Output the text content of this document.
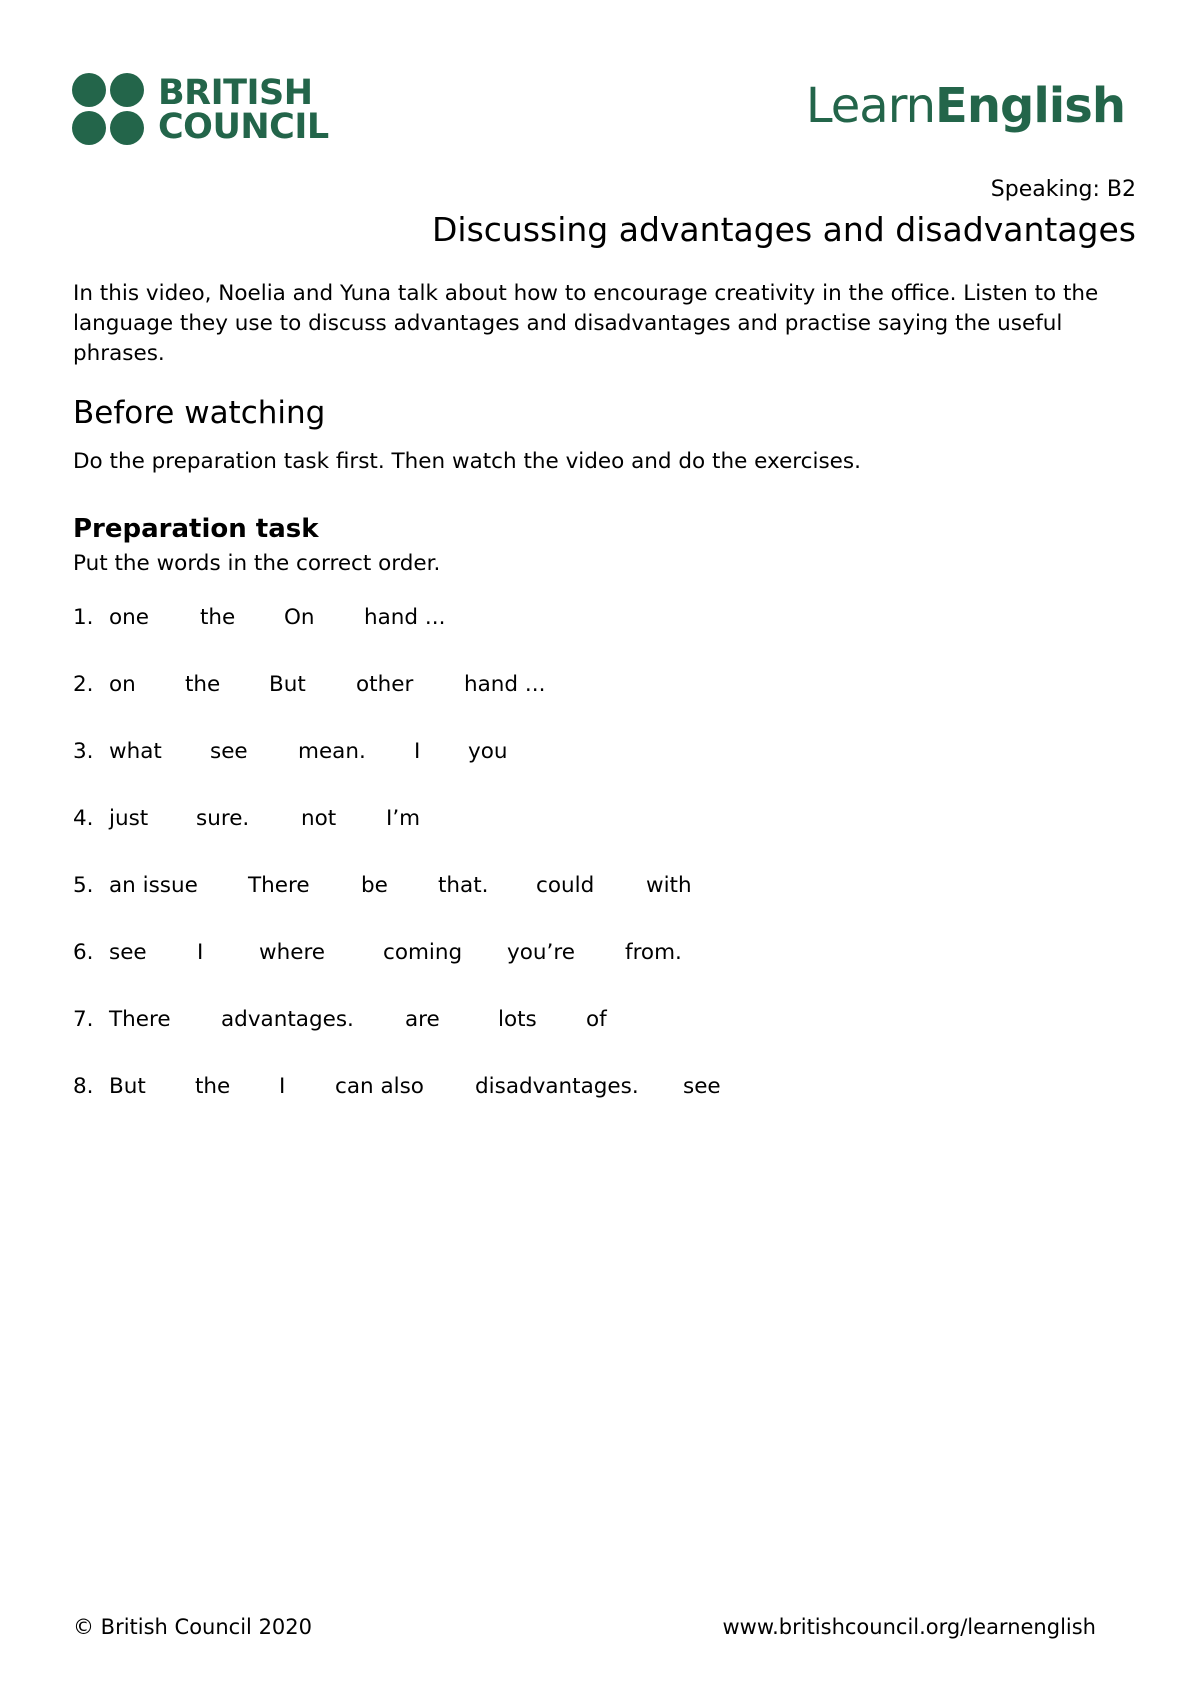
BRITISH
COUNCIL	LearnEnglish
Speaking: B2
Discussing advantages and disadvantages
In this video, Noelia and Yuna talk about how to encourage creativity in the office. Listen to the language they use to discuss advantages and disadvantages and practise saying the useful phrases.
Before watching
Do the preparation task first. Then watch the video and do the exercises.
Preparation task
Put the words in the correct order.
1. one the On hand ...
2. on the But other hand ...
3. what see mean. I you
4. just sure. not I’m
5. an issue There be that. could with
6. see I	where	coming you’re from.
7. There advantages. are	lots of
8. But the I can also disadvantages. see
© British Council 2020	www.britishcouncil.org/learnenglish
